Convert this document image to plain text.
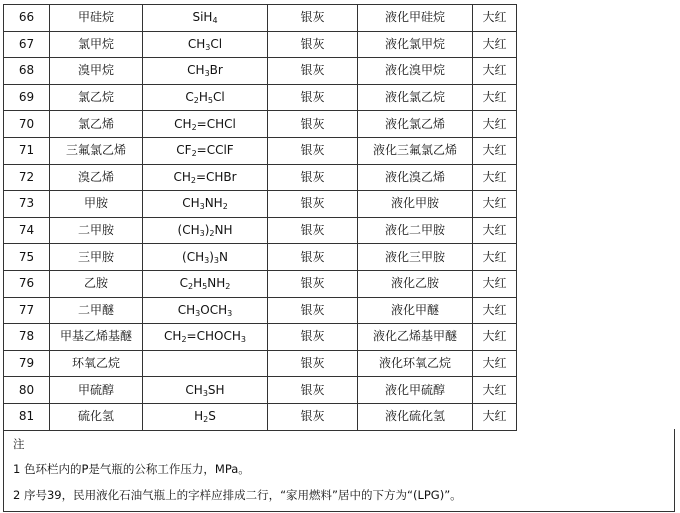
66	甲硅烷	SiH$_4$	银灰	液化甲硅烷	大红	
67	氯甲烷	$CH_3Cl$	银灰	液化氯甲烷	大红	
68	溴甲烷	$CH_3Br$	银灰	液化溴甲烷	大红	
69	氯乙烷	$C_2H_5Cl$	银灰	液化氯乙烷	大红	
70	氯乙烯	$CH_2=CHCl$	银灰	液化氯乙烯	大红	
71	三氟氯乙烯	$CF_2=CClF$	银灰	液化三氟氯乙烯	大红	
72	溴乙烯	$CH_2=CHBr$	银灰	液化溴乙烯	大红	
73	甲胺	$CH_3NH_2$	银灰	液化甲胺	大红	
74	二甲胺	$(CH_3)_2NH$	银灰	液化二甲胺	大红	
75	三甲胺	$(CH_3)_3N$	银灰	液化三甲胺	大红	
76	乙胺	$C_2H_5NH_2$	银灰	液化乙胺	大红	
77	二甲醚	$CH_3OCH_3$	银灰	液化甲醚	大红	
78	甲基乙烯基醚	$CH_2=CHOCH_3$	银灰	液化乙烯基甲醚	大红	
79	环氧乙烷		银灰	液化环氧乙烷	大红	
80	甲硫醇	$CH_3SH$	银灰	液化甲硫醇	大红	
81	硫化氢	$H_2S$	银灰	液化硫化氢	大红	
注
1 色环栏内的P是气瓶的公称工作压力，MPa。
2 序号39，民用液化石油气瓶上的字样应排成二行，“家用燃料”居中的下方为“(LPG)”。
